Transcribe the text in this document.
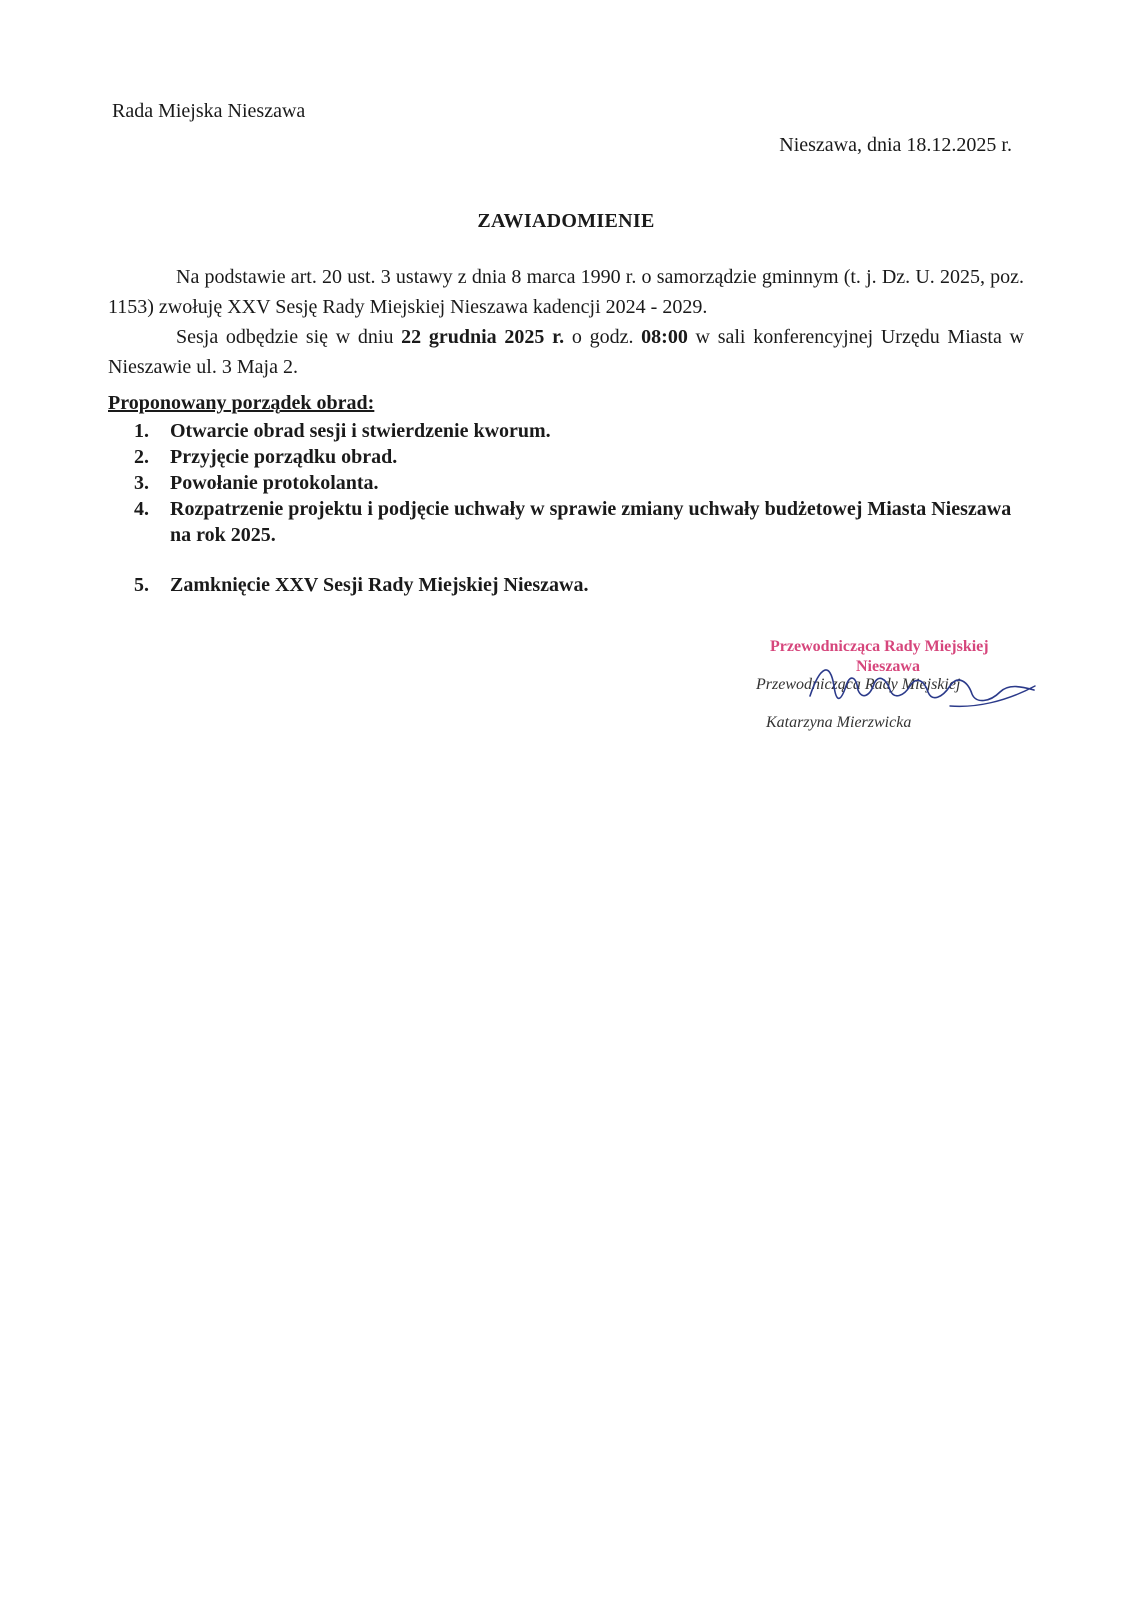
Rada Miejska Nieszawa
Nieszawa, dnia 18.12.2025 r.
ZAWIADOMIENIE

Na podstawie art. 20 ust. 3 ustawy z dnia 8 marca 1990 r. o samorządzie gminnym (t. j. Dz. U. 2025, poz. 1153) zwołuję XXV Sesję Rady Miejskiej Nieszawa kadencji 2024 - 2029.

Sesja odbędzie się w dniu 22 grudnia 2025 r. o godz. 08:00 w sali konferencyjnej Urzędu Miasta w Nieszawie ul. 3 Maja 2.

Proponowany porządek obrad:
1. Otwarcie obrad sesji i stwierdzenie kworum.
2. Przyjęcie porządku obrad.
3. Powołanie protokolanta.
4. Rozpatrzenie projektu i podjęcie uchwały w sprawie zmiany uchwały budżetowej Miasta Nieszawa na rok 2025.
5. Zamknięcie XXV Sesji Rady Miejskiej Nieszawa.
Przewodnicząca Rady Miejskiej
Nieszawa
Przewodnicząca Rady Miejskiej
Katarzyna Mierzwicka
